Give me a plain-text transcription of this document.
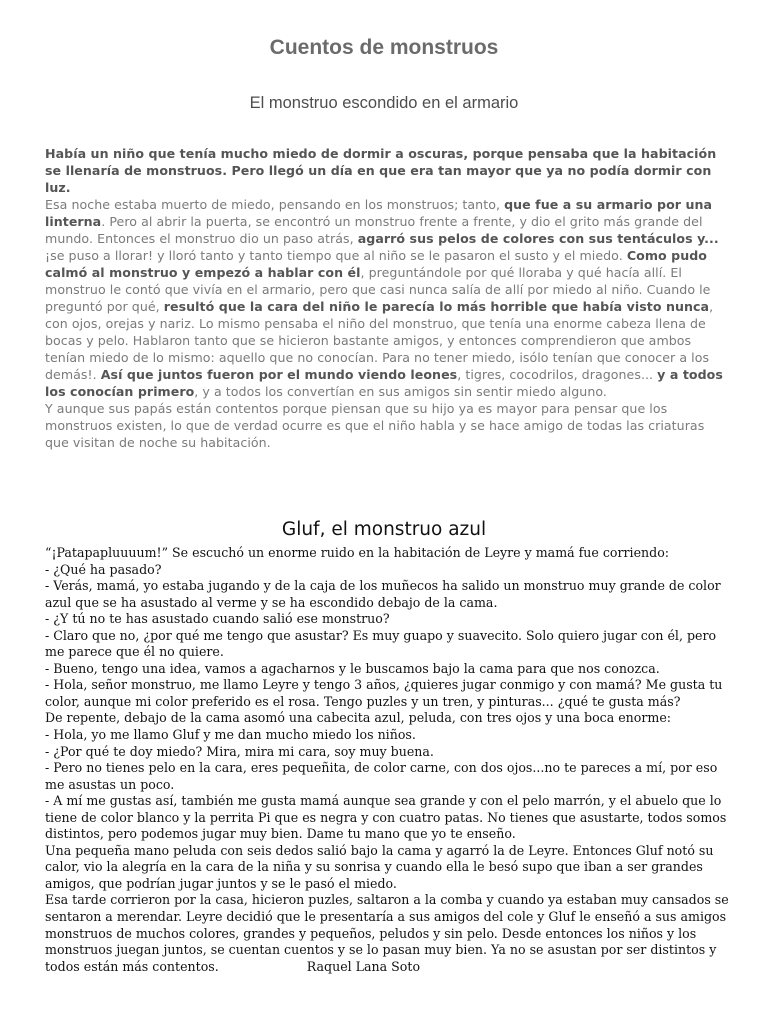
Cuentos de monstruos
El monstruo escondido en el armario

Había un niño que tenía mucho miedo de dormir a oscuras, porque pensaba que la habitación se llenaría de monstruos. Pero llegó un día en que era tan mayor que ya no podía dormir con luz.

Esa noche estaba muerto de miedo, pensando en los monstruos; tanto, que fue a su armario por una linterna. Pero al abrir la puerta, se encontró un monstruo frente a frente, y dio el grito más grande del mundo. Entonces el monstruo dio un paso atrás, agarró sus pelos de colores con sus tentáculos y... ¡se puso a llorar! y lloró tanto y tanto tiempo que al niño se le pasaron el susto y el miedo. Como pudo calmó al monstruo y empezó a hablar con él, preguntándole por qué lloraba y qué hacía allí. El monstruo le contó que vivía en el armario, pero que casi nunca salía de allí por miedo al niño. Cuando le preguntó por qué, resultó que la cara del niño le parecía lo más horrible que había visto nunca, con ojos, orejas y nariz. Lo mismo pensaba el niño del monstruo, que tenía una enorme cabeza llena de bocas y pelo. Hablaron tanto que se hicieron bastante amigos, y entonces comprendieron que ambos tenían miedo de lo mismo: aquello que no conocían. Para no tener miedo, isólo tenían que conocer a los demás!. Así que juntos fueron por el mundo viendo leones, tigres, cocodrilos, dragones... y a todos los conocían primero, y a todos los convertían en sus amigos sin sentir miedo alguno.

Y aunque sus papás están contentos porque piensan que su hijo ya es mayor para pensar que los monstruos existen, lo que de verdad ocurre es que el niño habla y se hace amigo de todas las criaturas que visitan de noche su habitación.

Gluf, el monstruo azul

“¡Patapapluuuum!” Se escuchó un enorme ruido en la habitación de Leyre y mamá fue corriendo:

- ¿Qué ha pasado?

- Verás, mamá, yo estaba jugando y de la caja de los muñecos ha salido un monstruo muy grande de color azul que se ha asustado al verme y se ha escondido debajo de la cama.

- ¿Y tú no te has asustado cuando salió ese monstruo?

- Claro que no, ¿por qué me tengo que asustar? Es muy guapo y suavecito. Solo quiero jugar con él, pero me parece que él no quiere.

- Bueno, tengo una idea, vamos a agacharnos y le buscamos bajo la cama para que nos conozca.

- Hola, señor monstruo, me llamo Leyre y tengo 3 años, ¿quieres jugar conmigo y con mamá? Me gusta tu color, aunque mi color preferido es el rosa. Tengo puzles y un tren, y pinturas... ¿qué te gusta más?

De repente, debajo de la cama asomó una cabecita azul, peluda, con tres ojos y una boca enorme:

- Hola, yo me llamo Gluf y me dan mucho miedo los niños.

- ¿Por qué te doy miedo? Mira, mira mi cara, soy muy buena.

- Pero no tienes pelo en la cara, eres pequeñita, de color carne, con dos ojos...no te pareces a mí, por eso me asustas un poco.

- A mí me gustas así, también me gusta mamá aunque sea grande y con el pelo marrón, y el abuelo que lo tiene de color blanco y la perrita Pi que es negra y con cuatro patas. No tienes que asustarte, todos somos distintos, pero podemos jugar muy bien. Dame tu mano que yo te enseño.

Una pequeña mano peluda con seis dedos salió bajo la cama y agarró la de Leyre. Entonces Gluf notó su calor, vio la alegría en la cara de la niña y su sonrisa y cuando ella le besó supo que iban a ser grandes amigos, que podrían jugar juntos y se le pasó el miedo.

Esa tarde corrieron por la casa, hicieron puzles, saltaron a la comba y cuando ya estaban muy cansados se sentaron a merendar. Leyre decidió que le presentaría a sus amigos del cole y Gluf le enseñó a sus amigos monstruos de muchos colores, grandes y pequeños, peludos y sin pelo. Desde entonces los niños y los monstruos juegan juntos, se cuentan cuentos y se lo pasan muy bien. Ya no se asustan por ser distintos y todos están más contentos.	Raquel Lana Soto
